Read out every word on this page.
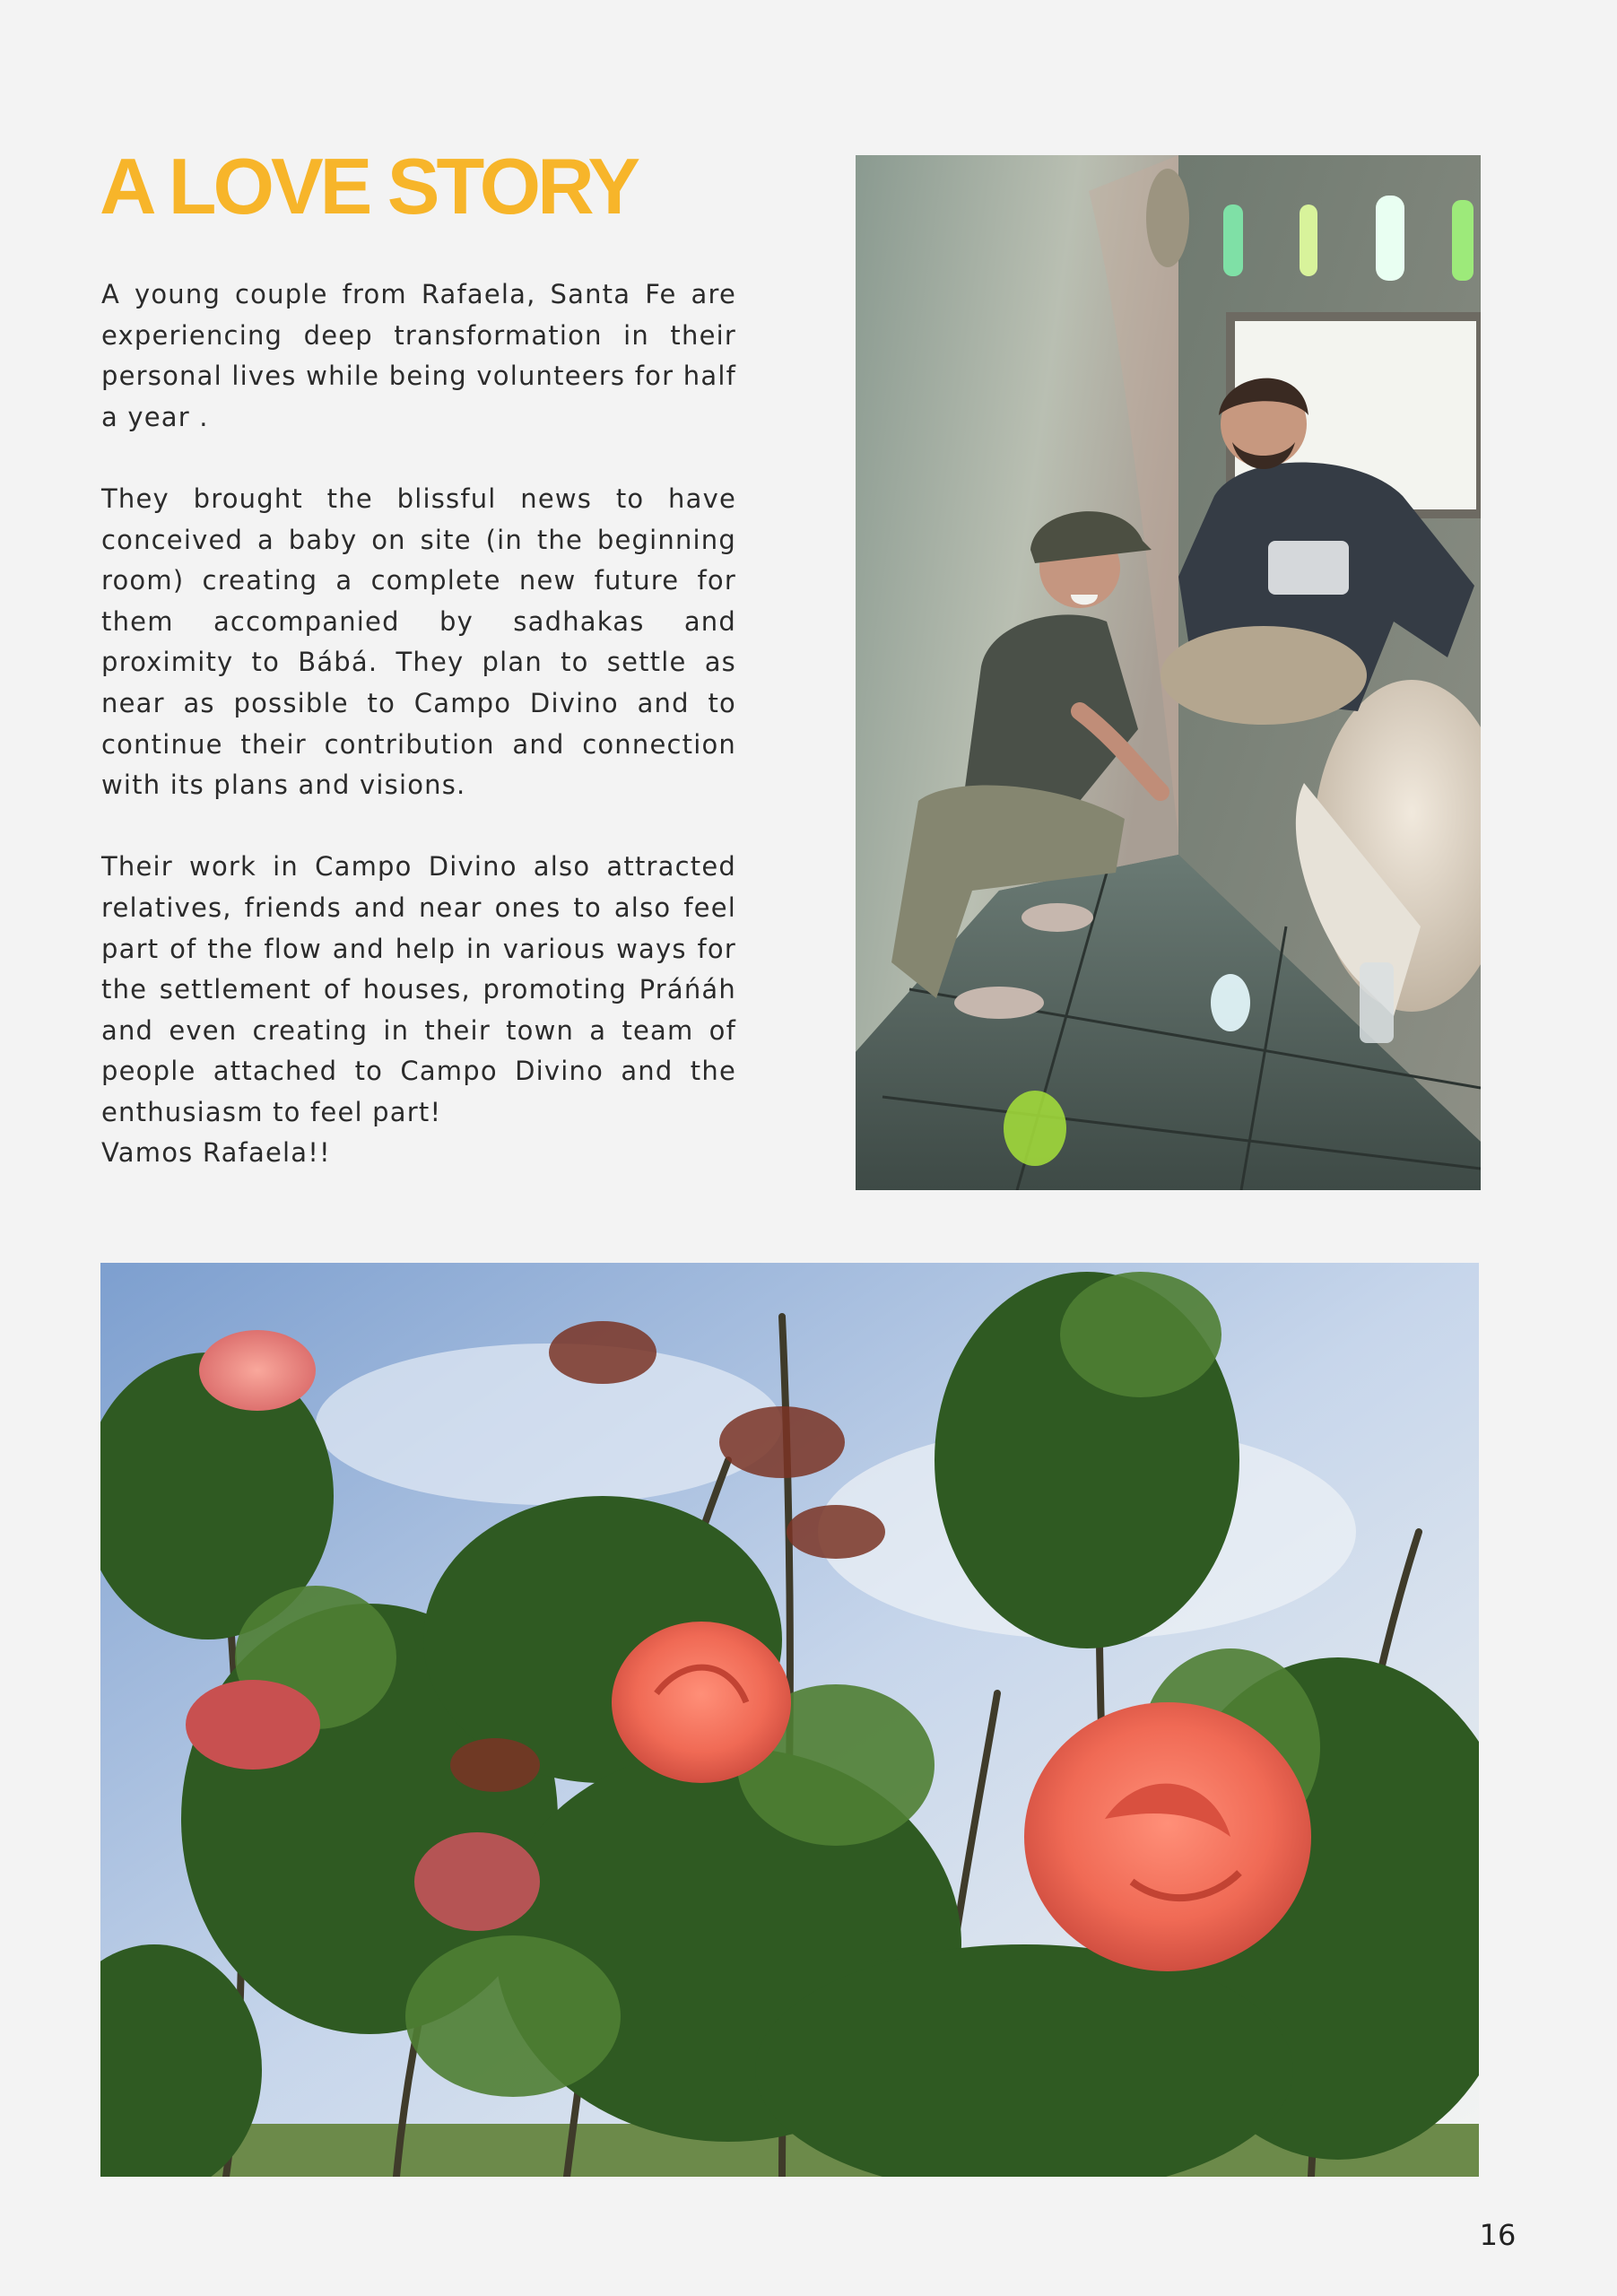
A LOVE STORY

A young couple from Rafaela, Santa Fe are experiencing deep transformation in their personal lives while being volunteers for half a year .

They brought the blissful news to have conceived a baby on site (in the beginning room) creating a complete new future for them accompanied by sadhakas and proximity to Bábá. They plan to settle as near as possible to Campo Divino and to continue their contribution and connection with its plans and visions.

Their work in Campo Divino also attracted relatives, friends and near ones to also feel part of the flow and help in various ways for the settlement of houses, promoting Práńáh and even creating in their town a team of people attached to Campo Divino and the enthusiasm to feel part!
Vamos Rafaela!!

16
